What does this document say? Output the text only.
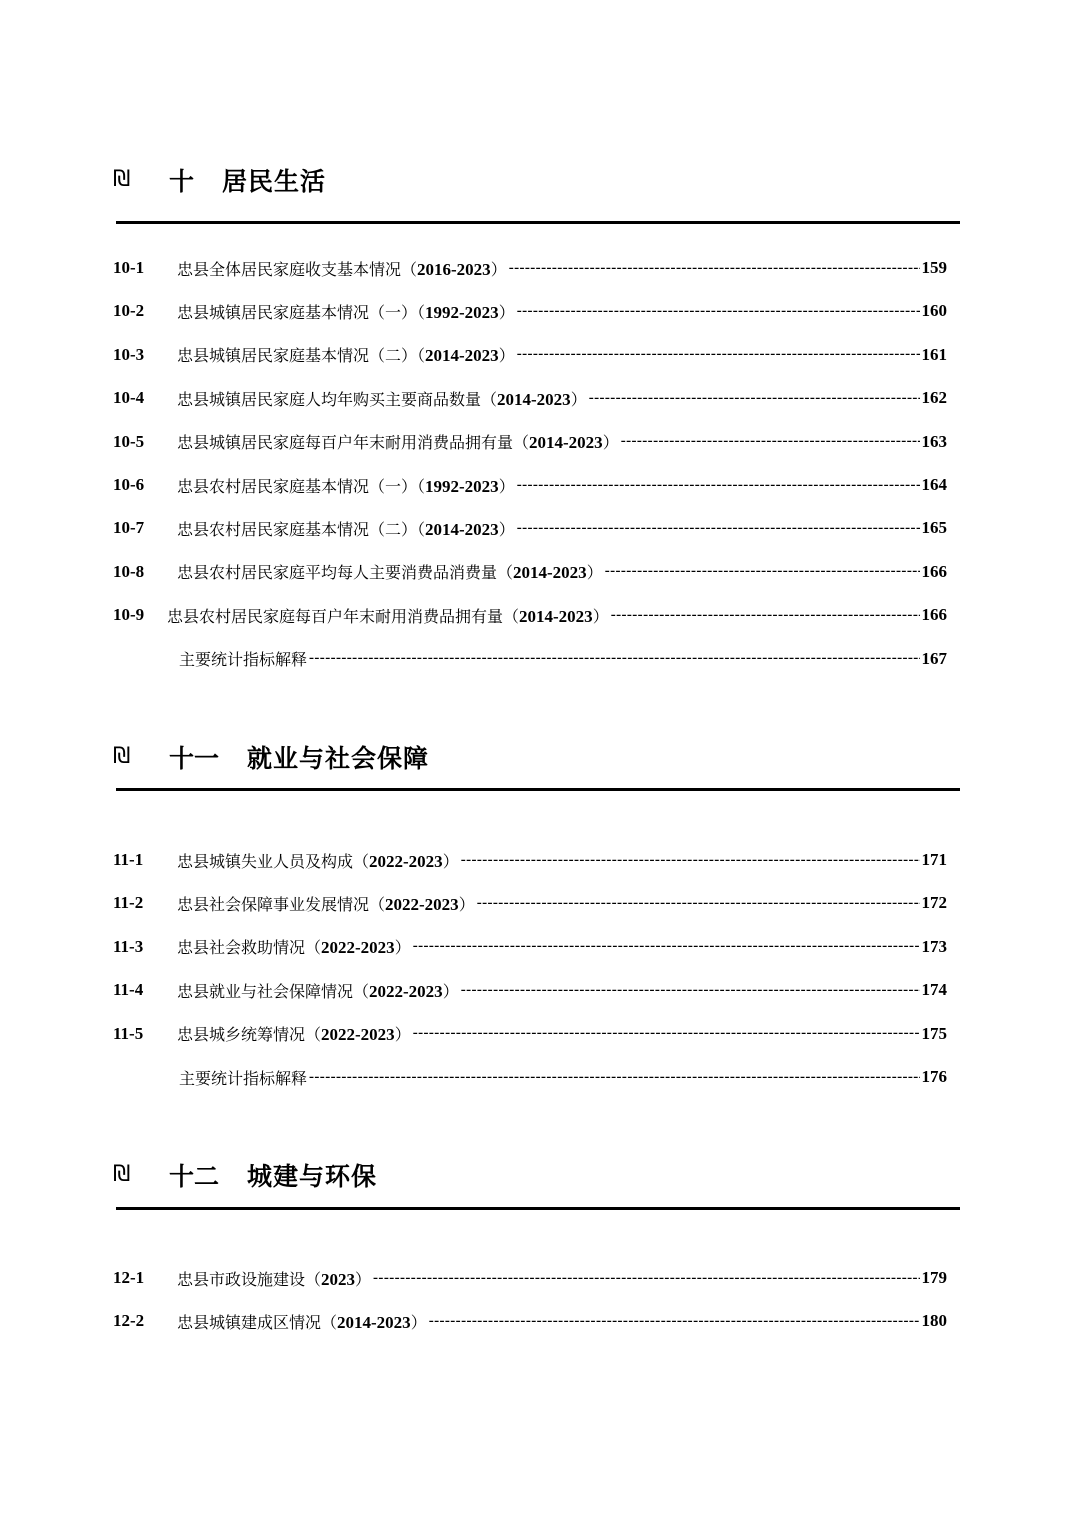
₪	十 居民生活
₪	十一 就业与社会保障
₪	十二 城建与环保
10-1	忠县全体居民家庭收支基本情况（2016-2023） -----	159
10-2	忠县城镇居民家庭基本情况（一）（1992-2023） -----	160
10-3	忠县城镇居民家庭基本情况（二）（2014-2023） -----	161
10-4	忠县城镇居民家庭人均年购买主要商品数量（2014-2023） -----	162
10-5	忠县城镇居民家庭每百户年末耐用消费品拥有量（2014-2023） -----	163
10-6	忠县农村居民家庭基本情况（一）（1992-2023） -----	164
10-7	忠县农村居民家庭基本情况（二）（2014-2023） -----	165
10-8	忠县农村居民家庭平均每人主要消费品消费量（2014-2023） -----	166
10-9	忠县农村居民家庭每百户年末耐用消费品拥有量（2014-2023） -----	166
主要统计指标解释 -----	167
11-1	忠县城镇失业人员及构成（2022-2023） -----	171
11-2	忠县社会保障事业发展情况（2022-2023） -----	172
11-3	忠县社会救助情况（2022-2023） -----	173
11-4	忠县就业与社会保障情况（2022-2023） -----	174
11-5	忠县城乡统筹情况（2022-2023） -----	175
主要统计指标解释 -----	176
12-1	忠县市政设施建设（2023） -----	179
12-2	忠县城镇建成区情况（2014-2023） -----	180
